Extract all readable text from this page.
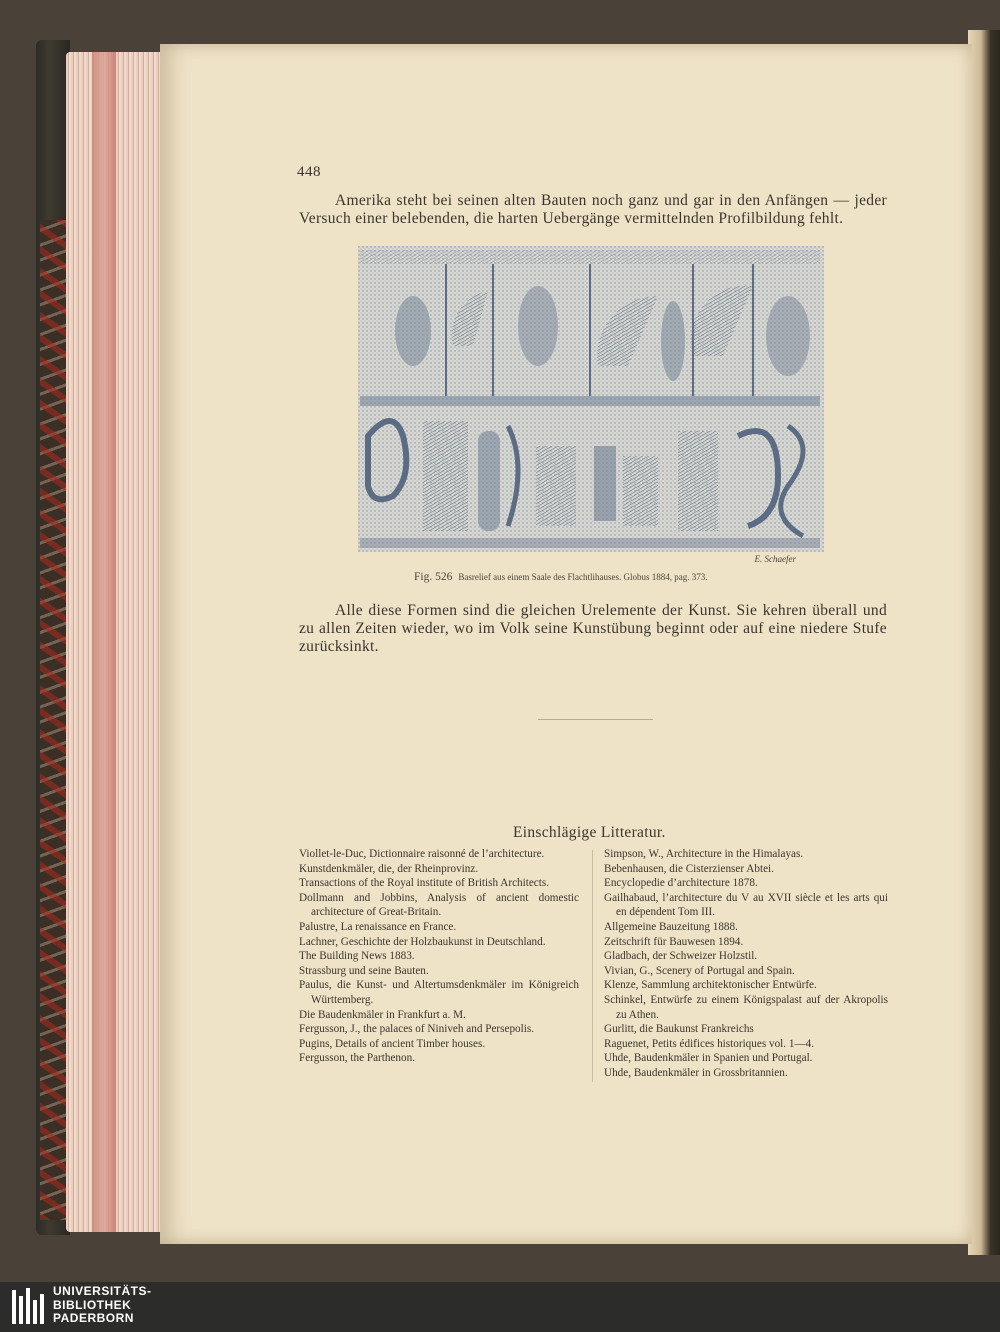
448
Amerika steht bei seinen alten Bauten noch ganz und gar in den Anfängen — jeder Versuch einer belebenden, die harten Uebergänge vermittelnden Profilbildung fehlt.
E. Schaefer
Fig. 526 Basrelief aus einem Saale des Flachtlihauses. Globus 1884, pag. 373.
Alle diese Formen sind die gleichen Urelemente der Kunst. Sie kehren überall und zu allen Zeiten wieder, wo im Volk seine Kunstübung beginnt oder auf eine niedere Stufe zurücksinkt.
Einschlägige Litteratur.
Viollet-le-Duc, Dictionnaire raisonné de l’architecture.
Kunstdenkmäler, die, der Rheinprovinz.
Transactions of the Royal institute of British Architects.
Dollmann and Jobbins, Analysis of ancient domestic architecture of Great-Britain.
Palustre, La renaissance en France.
Lachner, Geschichte der Holzbaukunst in Deutschland.
The Building News 1883.
Strassburg und seine Bauten.
Paulus, die Kunst- und Altertumsdenkmäler im Königreich Württemberg.
Die Baudenkmäler in Frankfurt a. M.
Fergusson, J., the palaces of Niniveh and Persepolis.
Pugins, Details of ancient Timber houses.
Fergusson, the Parthenon.
Simpson, W., Architecture in the Himalayas.
Bebenhausen, die Cisterzienser Abtei.
Encyclopedie d’architecture 1878.
Gailhabaud, l’architecture du V au XVII siècle et les arts qui en dépendent Tom III.
Allgemeine Bauzeitung 1888.
Zeitschrift für Bauwesen 1894.
Gladbach, der Schweizer Holzstil.
Vivian, G., Scenery of Portugal and Spain.
Klenze, Sammlung architektonischer Entwürfe.
Schinkel, Entwürfe zu einem Königspalast auf der Akropolis zu Athen.
Gurlitt, die Baukunst Frankreichs
Raguenet, Petits édifices historiques vol. 1—4.
Uhde, Baudenkmäler in Spanien und Portugal.
Uhde, Baudenkmäler in Grossbritannien.
UNIVERSITÄTS-
BIBLIOTHEK
PADERBORN
